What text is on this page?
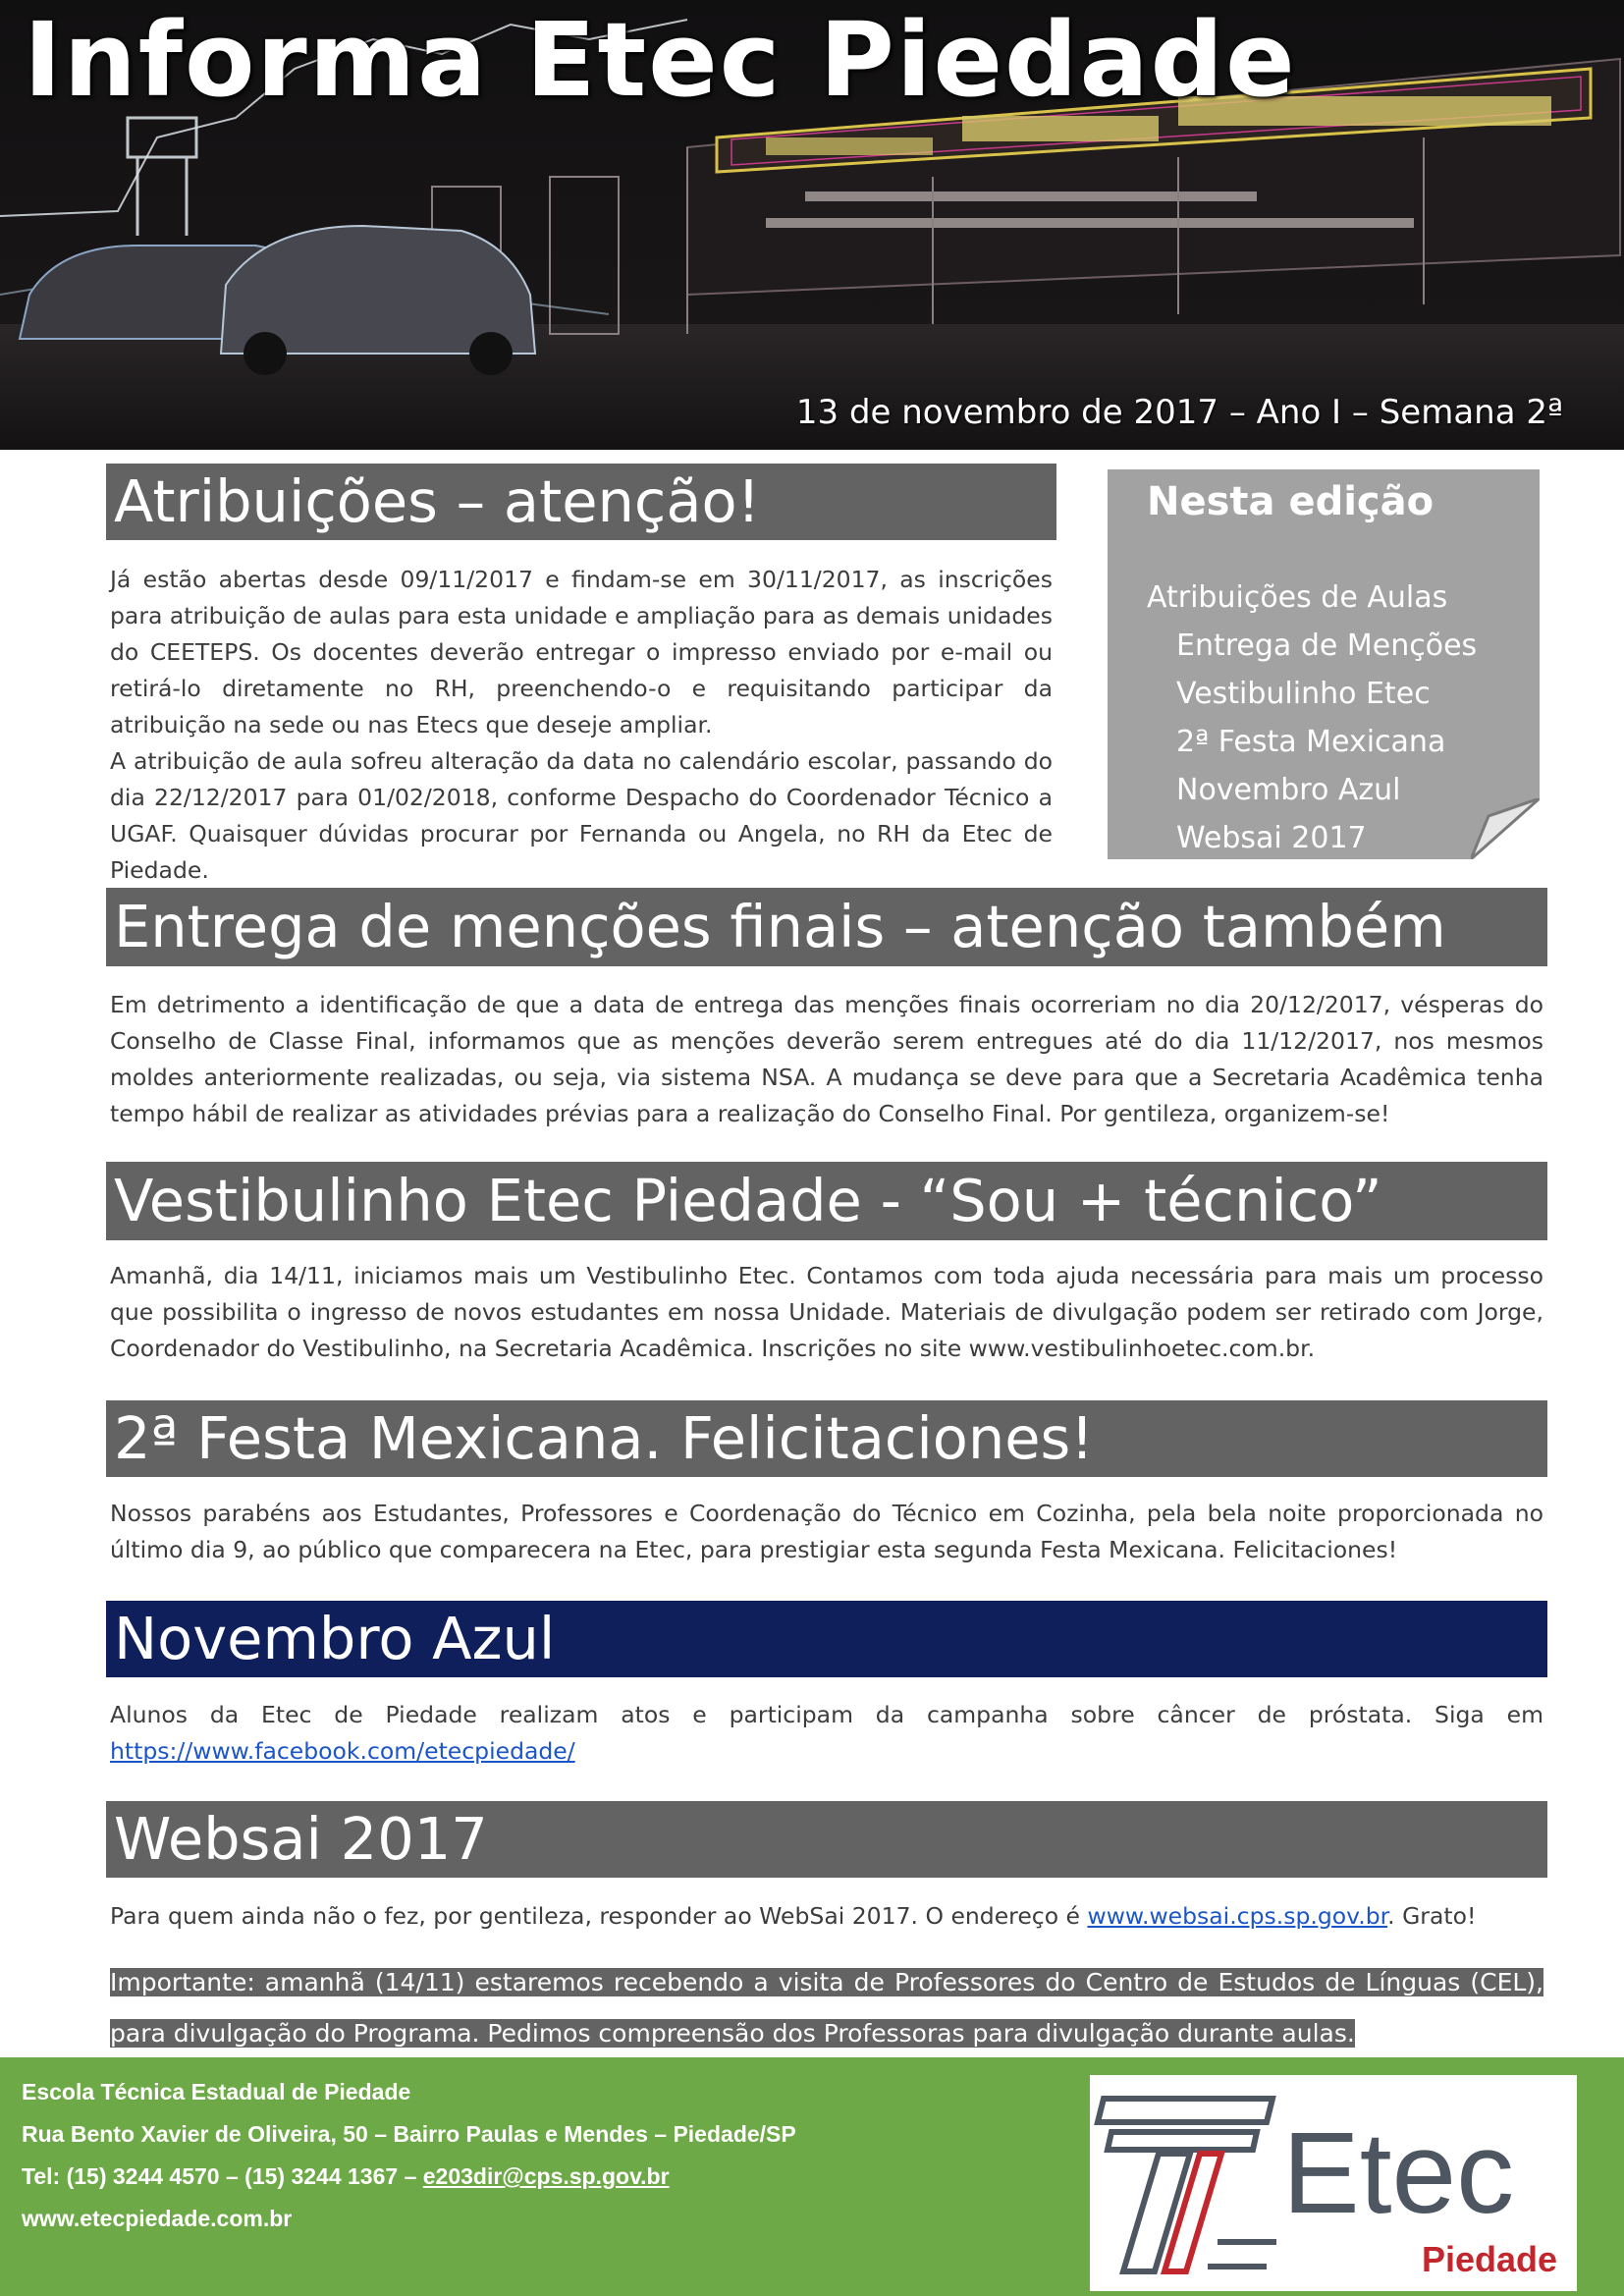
Informa Etec Piedade
13 de novembro de 2017 – Ano I – Semana 2ª
Atribuições – atenção!

Já estão abertas desde 09/11/2017 e findam-se em 30/11/2017, as inscrições para atribuição de aulas para esta unidade e ampliação para as demais unidades do CEETEPS. Os docentes deverão entregar o impresso enviado por e-mail ou retirá-lo diretamente no RH, preenchendo-o e requisitando participar da atribuição na sede ou nas Etecs que deseje ampliar.

A atribuição de aula sofreu alteração da data no calendário escolar, passando do dia 22/12/2017 para 01/02/2018, conforme Despacho do Coordenador Técnico a UGAF. Quaisquer dúvidas procurar por Fernanda ou Angela, no RH da Etec de Piedade.

Nesta edição
Atribuições de Aulas
Entrega de Menções
Vestibulinho Etec
2ª Festa Mexicana
Novembro Azul
Websai 2017
Entrega de menções finais – atenção também

Em detrimento a identificação de que a data de entrega das menções finais ocorreriam no dia 20/12/2017, vésperas do Conselho de Classe Final, informamos que as menções deverão serem entregues até do dia 11/12/2017, nos mesmos moldes anteriormente realizadas, ou seja, via sistema NSA. A mudança se deve para que a Secretaria Acadêmica tenha tempo hábil de realizar as atividades prévias para a realização do Conselho Final. Por gentileza, organizem-se!

Vestibulinho Etec Piedade - “Sou + técnico”

Amanhã, dia 14/11, iniciamos mais um Vestibulinho Etec. Contamos com toda ajuda necessária para mais um processo que possibilita o ingresso de novos estudantes em nossa Unidade. Materiais de divulgação podem ser retirado com Jorge, Coordenador do Vestibulinho, na Secretaria Acadêmica. Inscrições no site www.vestibulinhoetec.com.br.

2ª Festa Mexicana. Felicitaciones!

Nossos parabéns aos Estudantes, Professores e Coordenação do Técnico em Cozinha, pela bela noite proporcionada no último dia 9, ao público que comparecera na Etec, para prestigiar esta segunda Festa Mexicana. Felicitaciones!

Novembro Azul

Alunos da Etec de Piedade realizam atos e participam da campanha sobre câncer de próstata. Siga em

https://www.facebook.com/etecpiedade/

Websai 2017

Para quem ainda não o fez, por gentileza, responder ao WebSai 2017. O endereço é www.websai.cps.sp.gov.br. Grato!

Importante: amanhã (14/11) estaremos recebendo a visita de Professores do Centro de Estudos de Línguas (CEL), para divulgação do Programa. Pedimos compreensão dos Professoras para divulgação durante aulas.

Escola Técnica Estadual de Piedade
Rua Bento Xavier de Oliveira, 50 – Bairro Paulas e Mendes – Piedade/SP
Tel: (15) 3244 4570 – (15) 3244 1367 – e203dir@cps.sp.gov.br
www.etecpiedade.com.br	Etec
Piedade
